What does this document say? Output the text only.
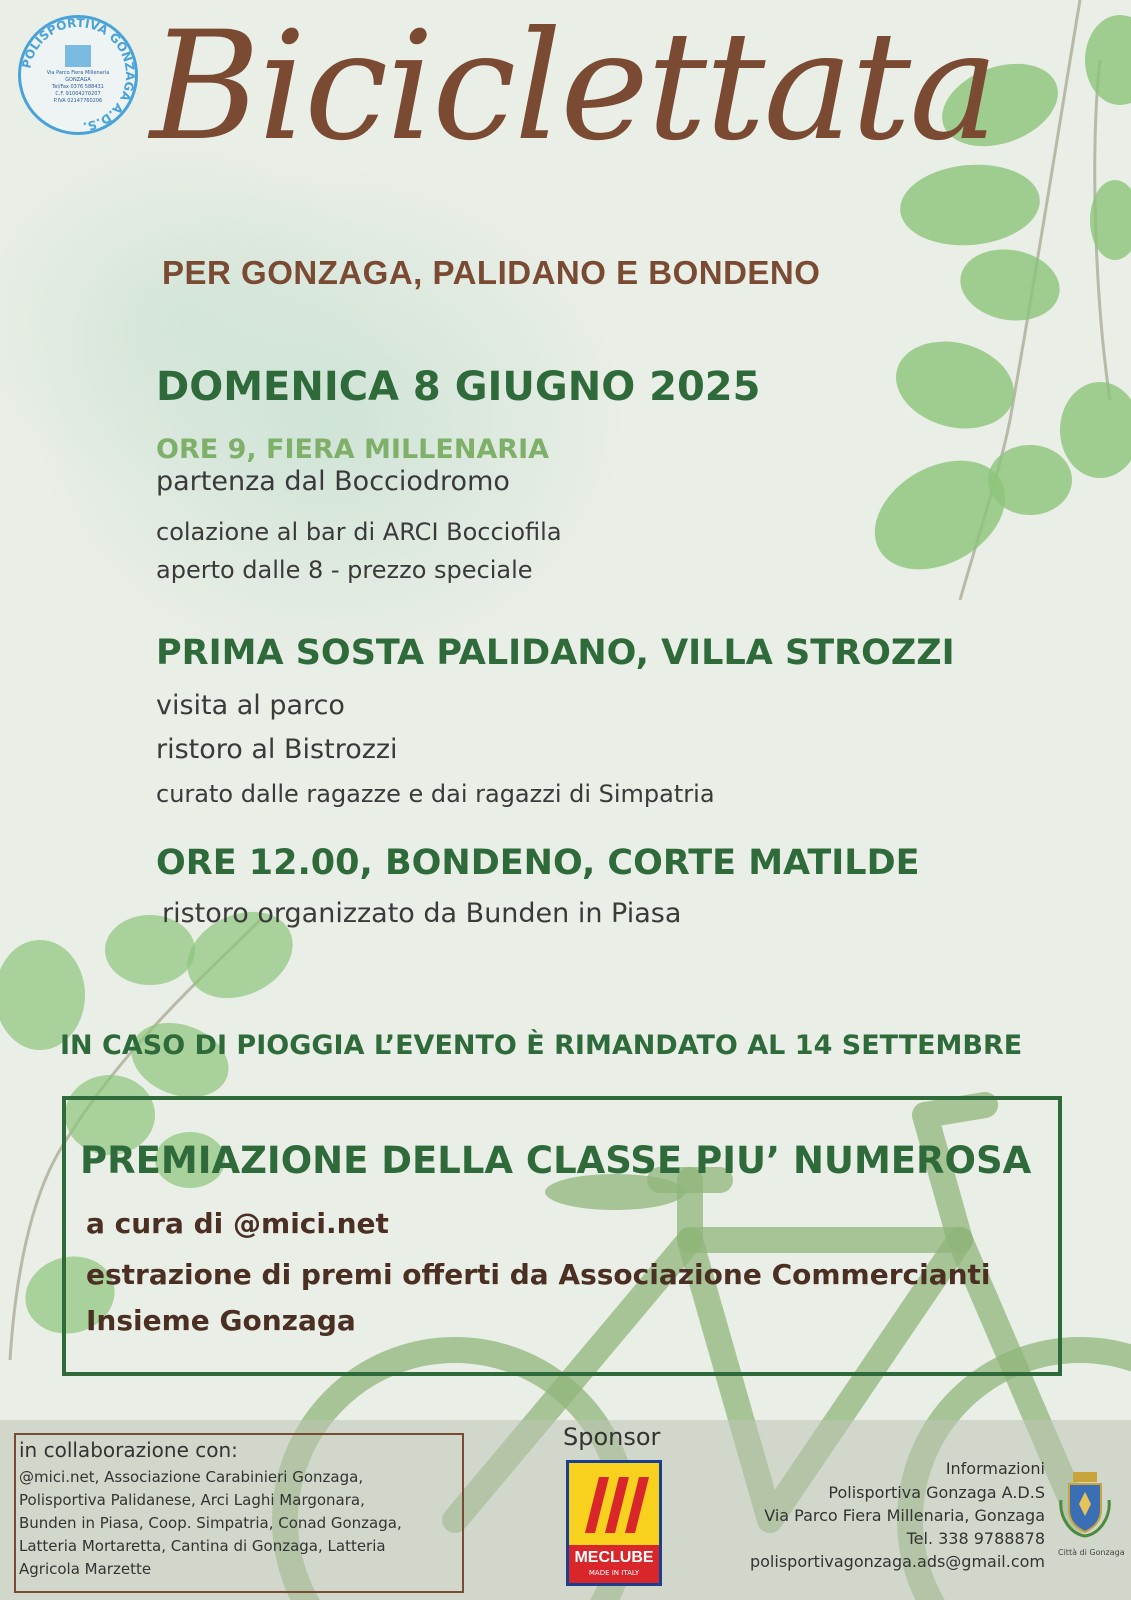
POLISPORTIVA GONZAGA A.D.S.
Via Parco Fiera Millenaria
GONZAGA
Tel/Fax 0376 588431
C.F. 91004270207
P.IVA 02147760206 Biciclettata
PER GONZAGA, PALIDANO E BONDENO
DOMENICA 8 GIUGNO 2025
ORE 9, FIERA MILLENARIA
partenza dal Bocciodromo
colazione al bar di ARCI Bocciofila
aperto dalle 8 - prezzo speciale
PRIMA SOSTA PALIDANO, VILLA STROZZI
visita al parco
ristoro al Bistrozzi
curato dalle ragazze e dai ragazzi di Simpatria
ORE 12.00, BONDENO, CORTE MATILDE
ristoro organizzato da Bunden in Piasa
IN CASO DI PIOGGIA L’EVENTO È RIMANDATO AL 14 SETTEMBRE
PREMIAZIONE DELLA CLASSE PIU’ NUMEROSA
a cura di @mici.net
estrazione di premi offerti da Associazione Commercianti
Insieme Gonzaga
in collaborazione con:
@mici.net, Associazione Carabinieri Gonzaga,
Polisportiva Palidanese, Arci Laghi Margonara,
Bunden in Piasa, Coop. Simpatria, Conad Gonzaga,
Latteria Mortaretta, Cantina di Gonzaga, Latteria
Agricola Marzette
Sponsor
MECLUBE
MADE IN ITALY
Informazioni
Polisportiva Gonzaga A.D.S
Via Parco Fiera Millenaria, Gonzaga
Tel. 338 9788878
polisportivagonzaga.ads@gmail.com Città di Gonzaga
